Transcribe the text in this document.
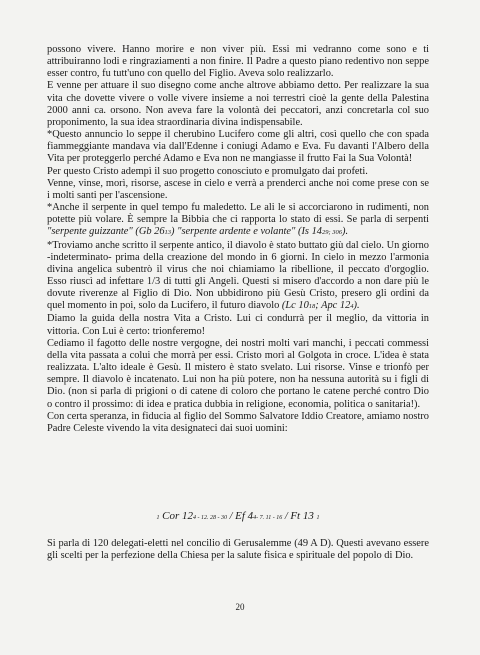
possono vivere. Hanno morire e non viver più. Essi mi vedranno come sono e ti attribuiranno lodi e ringraziamenti a non finire. Il Padre a questo piano redentivo non seppe esser contro, fu tutt'uno con quello del Figlio. Aveva solo realizzarlo.

E venne per attuare il suo disegno come anche altrove abbiamo detto. Per realizzare la sua vita che dovette vivere o volle vivere insieme a noi terrestri cioè la gente della Palestina 2000 anni ca. orsono. Non aveva fare la volontà dei peccatori, anzi concretarla col suo proponimento, la sua idea straordinaria divina indispensabile.

*Questo annuncio lo seppe il cherubino Lucifero come gli altri, così quello che con spada fiammeggiante mandava via dall'Edenne i coniugi Adamo e Eva. Fu davanti l'Albero della Vita per proteggerlo perché Adamo e Eva non ne mangiasse il frutto Fai la Sua Volontà!

Per questo Cristo adempì il suo progetto conosciuto e promulgato dai profeti.

Venne, vinse, morì, risorse, ascese in cielo e verrà a prenderci anche noi come prese con se i molti santi per l'ascensione.

*Anche il serpente in quel tempo fu maledetto. Le ali le si accorciarono in rudimenti, non potette più volare. È sempre la Bibbia che ci rapporta lo stato di essi. Se parla di serpenti "serpente guizzante" (Gb 2613) "serpente ardente e volante" (Is 1429; 306).

*Troviamo anche scritto il serpente antico, il diavolo è stato buttato giù dal cielo. Un giorno -indeterminato- prima della creazione del mondo in 6 giorni. In cielo in mezzo l'armonia divina angelica subentrò il virus che noi chiamiamo la ribellione, il peccato d'orgoglio. Esso riuscì ad infettare 1/3 di tutti gli Angeli. Questi si misero d'accordo a non dare più le dovute riverenze al Figlio di Dio. Non ubbidirono più Gesù Cristo, presero gli ordini da quel momento in poi, solo da Lucifero, il futuro diavolo (Lc 1018; Apc 124).

Diamo la guida della nostra Vita a Cristo. Lui ci condurrà per il meglio, da vittoria in vittoria. Con Lui è certo: trionferemo!

Cediamo il fagotto delle nostre vergogne, dei nostri molti vari manchi, i peccati commessi della vita passata a colui che morrà per essi. Cristo morì al Golgota in croce. L'idea è stata realizzata. L'alto ideale è Gesù. Il mistero è stato svelato. Lui risorse. Vinse e trionfò per sempre. Il diavolo è incatenato. Lui non ha più potere, non ha nessuna autorità su i figli di Dio. (non si parla di prigioni o di catene di coloro che portano le catene perché contro Dio o contro il prossimo: di idea e pratica dubbia in religione, economia, politica o sanitaria!).

Con certa speranza, in fiducia al figlio del Sommo Salvatore Iddio Creatore, amiamo nostro Padre Celeste vivendo la vita designateci dai suoi uomini:

1 Cor 124 - 12. 28 - 30 / Ef 44- 7. 11 - 16 / Ft 13 1

Si parla di 120 delegati-eletti nel concilio di Gerusalemme (49 A D). Questi avevano essere gli scelti per la perfezione della Chiesa per la salute fisica e spirituale del popolo di Dio.

20
